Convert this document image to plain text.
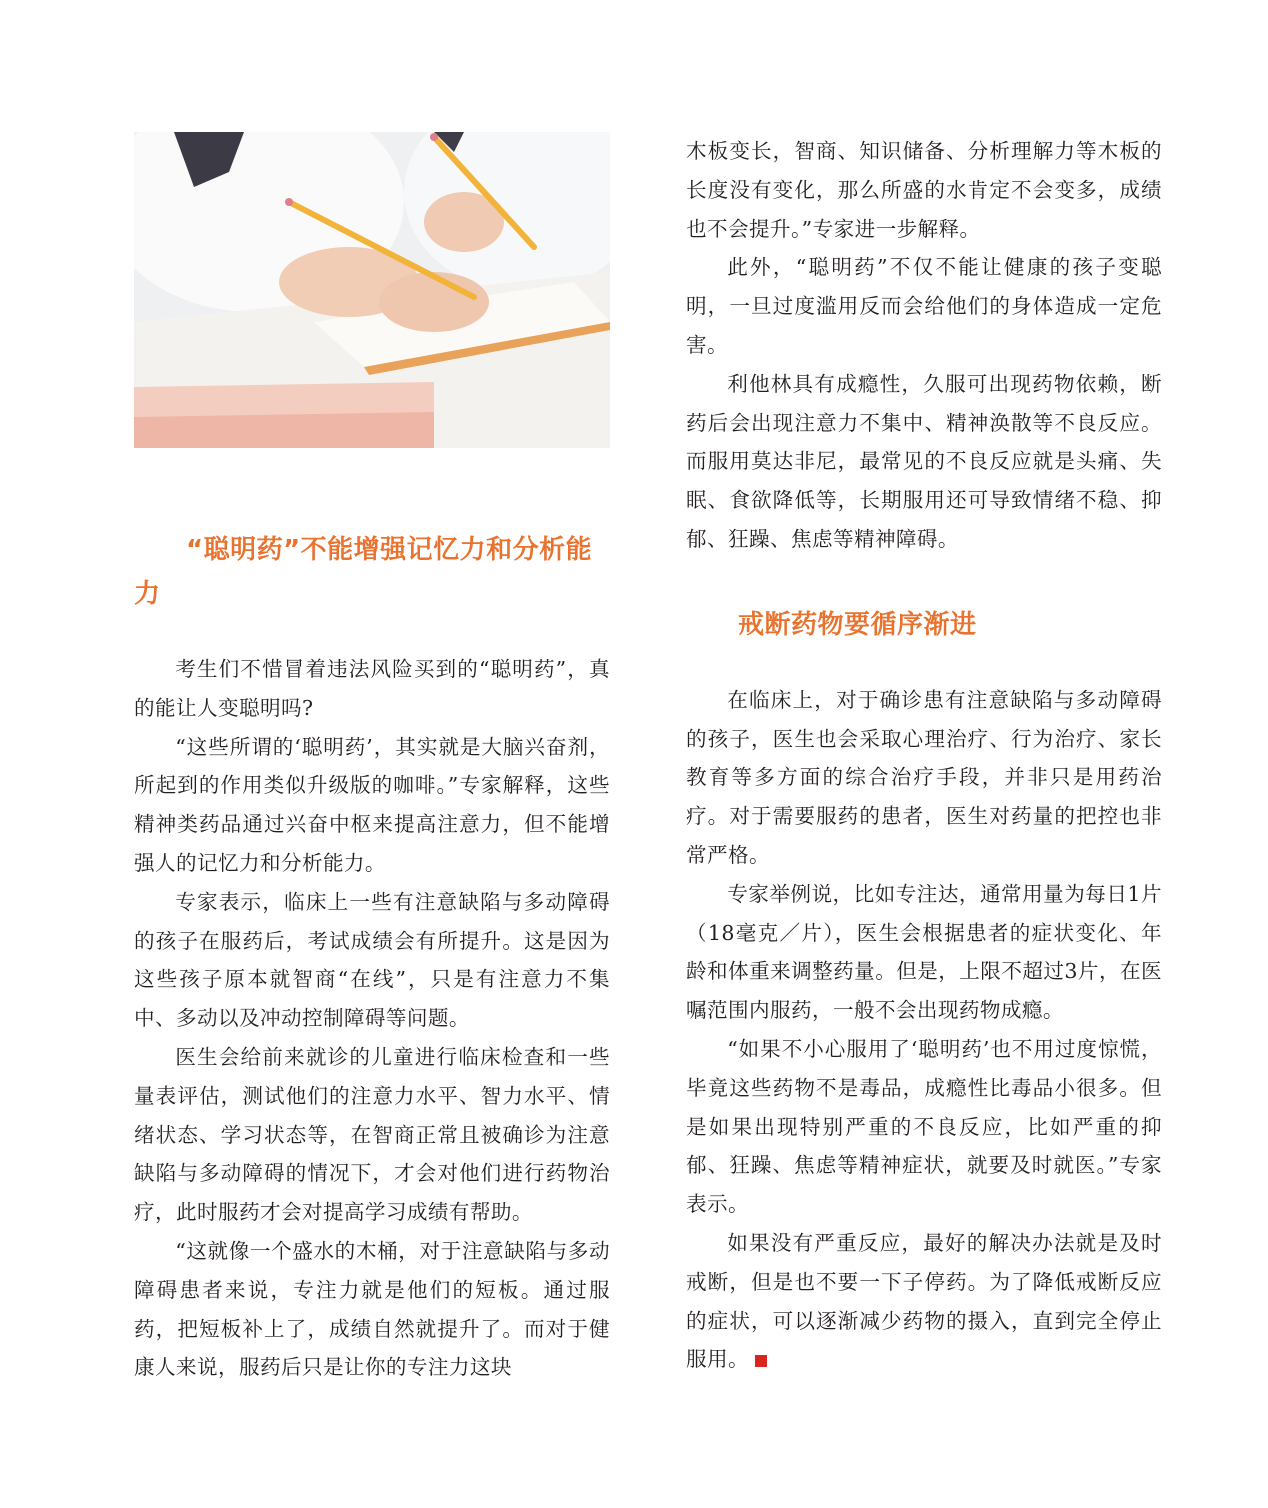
“聪明药”不能增强记忆力和分析能力

考生们不惜冒着违法风险买到的“聪明药”，真的能让人变聪明吗?

“这些所谓的‘聪明药’，其实就是大脑兴奋剂，所起到的作用类似升级版的咖啡。”专家解释，这些精神类药品通过兴奋中枢来提高注意力，但不能增强人的记忆力和分析能力。

专家表示，临床上一些有注意缺陷与多动障碍的孩子在服药后，考试成绩会有所提升。这是因为这些孩子原本就智商“在线”，只是有注意力不集中、多动以及冲动控制障碍等问题。

医生会给前来就诊的儿童进行临床检查和一些量表评估，测试他们的注意力水平、智力水平、情绪状态、学习状态等，在智商正常且被确诊为注意缺陷与多动障碍的情况下，才会对他们进行药物治疗，此时服药才会对提高学习成绩有帮助。

“这就像一个盛水的木桶，对于注意缺陷与多动障碍患者来说，专注力就是他们的短板。通过服药，把短板补上了，成绩自然就提升了。而对于健康人来说，服药后只是让你的专注力这块

木板变长，智商、知识储备、分析理解力等木板的长度没有变化，那么所盛的水肯定不会变多，成绩也不会提升。”专家进一步解释。

此外，“聪明药”不仅不能让健康的孩子变聪明，一旦过度滥用反而会给他们的身体造成一定危害。

利他林具有成瘾性，久服可出现药物依赖，断药后会出现注意力不集中、精神涣散等不良反应。而服用莫达非尼，最常见的不良反应就是头痛、失眠、食欲降低等，长期服用还可导致情绪不稳、抑郁、狂躁、焦虑等精神障碍。

戒断药物要循序渐进

在临床上，对于确诊患有注意缺陷与多动障碍的孩子，医生也会采取心理治疗、行为治疗、家长教育等多方面的综合治疗手段，并非只是用药治疗。对于需要服药的患者，医生对药量的把控也非常严格。

专家举例说，比如专注达，通常用量为每日1片（18毫克／片），医生会根据患者的症状变化、年龄和体重来调整药量。但是，上限不超过3片，在医嘱范围内服药，一般不会出现药物成瘾。

“如果不小心服用了‘聪明药’也不用过度惊慌，毕竟这些药物不是毒品，成瘾性比毒品小很多。但是如果出现特别严重的不良反应，比如严重的抑郁、狂躁、焦虑等精神症状，就要及时就医。”专家表示。

如果没有严重反应，最好的解决办法就是及时戒断，但是也不要一下子停药。为了降低戒断反应的症状，可以逐渐减少药物的摄入，直到完全停止服用。	s
